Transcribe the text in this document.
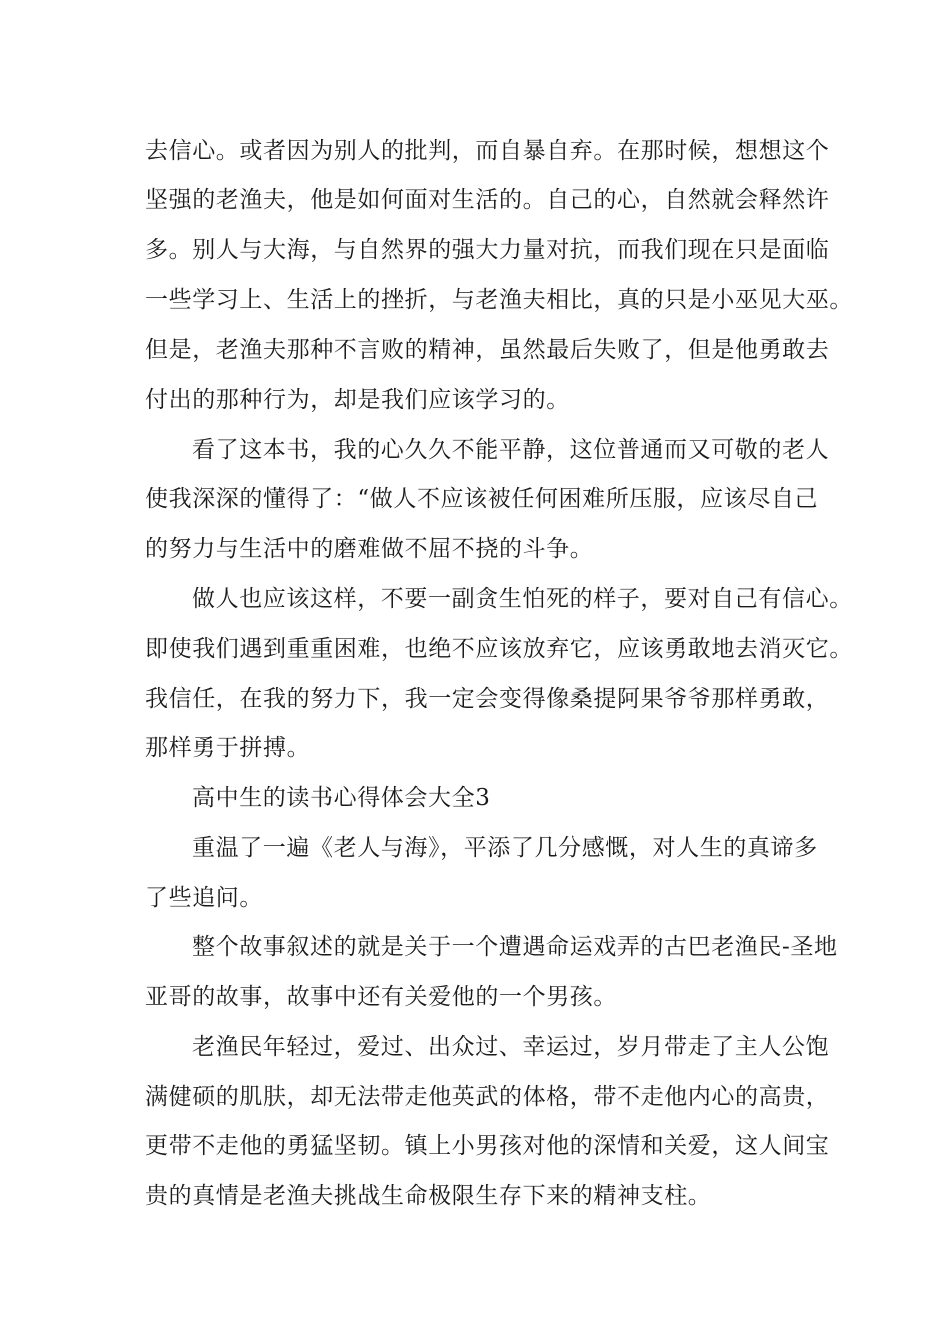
去信心。或者因为别人的批判，而自暴自弃。在那时候，想想这个
坚强的老渔夫，他是如何面对生活的。自己的心，自然就会释然许
多。别人与大海，与自然界的强大力量对抗，而我们现在只是面临
一些学习上、生活上的挫折，与老渔夫相比，真的只是小巫见大巫。
但是，老渔夫那种不言败的精神，虽然最后失败了，但是他勇敢去
付出的那种行为，却是我们应该学习的。
看了这本书，我的心久久不能平静，这位普通而又可敬的老人
使我深深的懂得了：“做人不应该被任何困难所压服，应该尽自己
的努力与生活中的磨难做不屈不挠的斗争。
做人也应该这样，不要一副贪生怕死的样子，要对自己有信心。
即使我们遇到重重困难，也绝不应该放弃它，应该勇敢地去消灭它。
我信任，在我的努力下，我一定会变得像桑提阿果爷爷那样勇敢，
那样勇于拼搏。
高中生的读书心得体会大全3
重温了一遍《老人与海》，平添了几分感慨，对人生的真谛多
了些追问。
整个故事叙述的就是关于一个遭遇命运戏弄的古巴老渔民-圣地
亚哥的故事，故事中还有关爱他的一个男孩。
老渔民年轻过，爱过、出众过、幸运过，岁月带走了主人公饱
满健硕的肌肤，却无法带走他英武的体格，带不走他内心的高贵，
更带不走他的勇猛坚韧。镇上小男孩对他的深情和关爱，这人间宝
贵的真情是老渔夫挑战生命极限生存下来的精神支柱。
